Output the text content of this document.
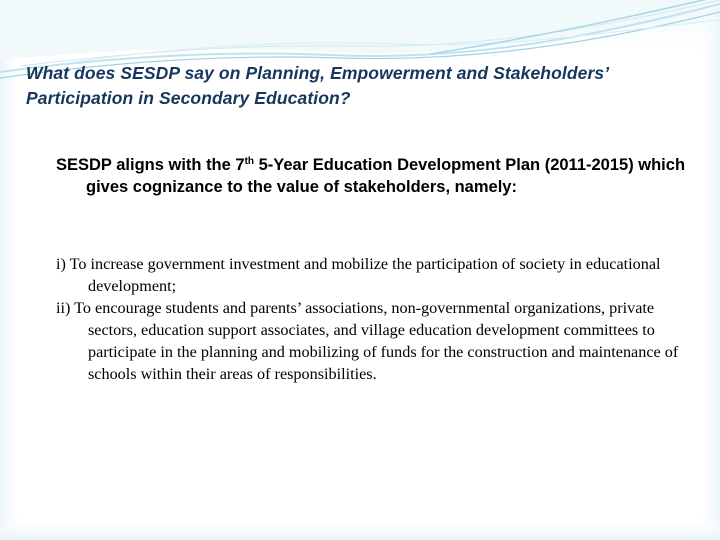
What does SESDP say on Planning, Empowerment and Stakeholders’ Participation in Secondary Education?
SESDP aligns with the 7th 5-Year Education Development Plan (2011-2015) which gives cognizance to the value of stakeholders, namely:

i) To increase government investment and mobilize the participation of society in educational development;

ii) To encourage students and parents’ associations, non-governmental organizations, private sectors, education support associates, and village education development committees to participate in the planning and mobilizing of funds for the construction and maintenance of schools within their areas of responsibilities.
